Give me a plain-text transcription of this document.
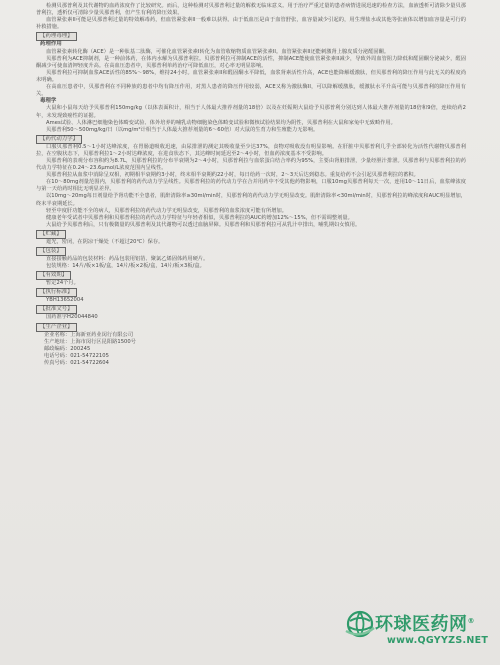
检测贝那普利及其代谢物的血药浓度作了比较研究。而后，这种检测对贝那普利过量的解救无临床意义。用于治疗严重过量的患者病情进展迅速的检查方法，血液透析可清除少量贝那普利拉，透析仅可清除少量贝那普利，但产生有利的降压效果。

血管紧张素II可能是贝那普利过量的特效解毒药，但血管紧张素II一般难以获得。由于低血压是由于血管舒张，血容量减少引起的，用生理盐水或其他等张液体以增加血容量是可行的补救措施。

【药理毒理】
药理作用

血管紧张素转化酶（ACE）是一种肽基二肽酶，可催化血管紧张素I转化为血管收缩物质血管紧张素II。血管紧张素II还能刺激肾上腺皮质分泌醛固酮。

贝那普利为ACE抑制剂，是一种前体药，在体内水解为贝那普利拉。贝那普利拉可抑制ACE的活性，抑制ACE能使血管紧张素II减少，导致外周血管阻力降低和醛固酮分泌减少，醛固酮减少可使血清钾轻度升高。在高血压患者中，贝那普利单药治疗可降低血压，对心率无明显影响。

贝那普利拉可抑制血浆ACE活性的85%～98%，维持24小时。血管紧张素II和醛固酮水平降低，血浆肾素活性升高，ACE也能降解缓激肽，但贝那普利的降压作用与此无关的程度尚未明确。

在高血压患者中，贝那普利在不同种族的患者中均有降压作用，对黑人患者的降压作用较弱，ACE又称为激肽酶II，可以降解缓激肽，缓激肽水平升高可能与贝那普利的降压作用有关。

毒理学

大鼠和小鼠每天给予贝那普利150mg/kg（以体表面积计，相当于人体最大推荐剂量的18倍）以及在妊娠期大鼠给予贝那普利分别达到人体最大推荐剂量的18倍和9倍，连续给药2年，未发现致癌性的证据。

Ames试验、人体淋巴细胞染色体畸变试验、体外培养的哺乳动物细胞染色体畸变试验和微核试验结果均为阴性，贝那普利在大鼠和家兔中无致畸作用。

贝那普利50～500mg/kg/日（以mg/m²计相当于人体最大推荐剂量的6～60倍）对大鼠的生育力和生殖能力无影响。

【药代动力学】

口服贝那普利0.5～1小时达峰浓度，在胃肠道吸收迅速，由尿排泄的测定其吸收量至少达37%，食物对吸收没有明显影响。在肝脏中贝那普利几乎全部转化为活性代谢物贝那普利拉，在空腹状态下，贝那普利拉1～2小时达峰浓度，在进食状态下，其达峰时间延迟至2～4小时，但血药浓度基本不受影响。

贝那普利的表观分布容积约为8.7L，贝那普利拉的分布半衰期为2～4小时，贝那普利拉与血浆蛋白结合率约为95%，主要由肾脏排泄，少量经胆汁排泄。贝那普利与贝那普利拉的药代动力学特征在0.24～23.6μmol/L浓度范围内呈线性。

贝那普利拉从血浆中消除呈双相，初期相半衰期约3小时，终末相半衰期约22小时，每日给药一次时，2～3天后达到稳态。重复给药不会引起贝那普利拉的蓄积。

在10～80mg剂量范围内，贝那普利的药代动力学呈线性。贝那普利拉的药代动力学在合并用药中不受其他药物影响，口服10mg贝那普利每天一次，连用10～11日后，血浆峰浓度与第一天给药时相比无明显差异。

以10mg～20mg每日剂量给予肾功能不全患者，肌酐清除率≥30ml/min时，贝那普利的药代动力学无明显改变。肌酐清除率<30ml/min时，贝那普利拉的峰浓度和AUC明显增加，终末半衰期延长。

轻至中度肝功能不全的病人，贝那普利拉的药代动力学无明显改变，贝那普利的血浆浓度可能有所增加。

健康老年受试者中贝那普利和贝那普利拉的药代动力学特征与年轻者相似，贝那普利拉的AUC约增加12%～15%，但不需调整剂量。

大鼠给予贝那普利后，只有极微量的贝那普利及其代谢物可以透过血脑屏障。贝那普利和贝那普利拉可从乳汁中排出，哺乳期妇女慎用。

【贮藏】

遮光，密闭，在阴凉干燥处（不超过20℃）保存。

【包装】

直接接触药品的包装材料：药品包装用铝箔、聚氯乙烯固体药用硬片。

包装规格：14片/板×1板/盒，14片/板×2板/盒，14片/板×3板/盒。

【有效期】

暂定24个月。

【执行标准】

YBH13652004

【批准文号】

国药准字H20044840

【生产企业】
企业名称：上海新亚药业闵行有限公司
生产地址：上海市闵行区昆阳路1500号
邮政编码：200245
电话号码：021-54722105
传真号码：021-54722604
环球医药网®
www.QGYYZS.NET
